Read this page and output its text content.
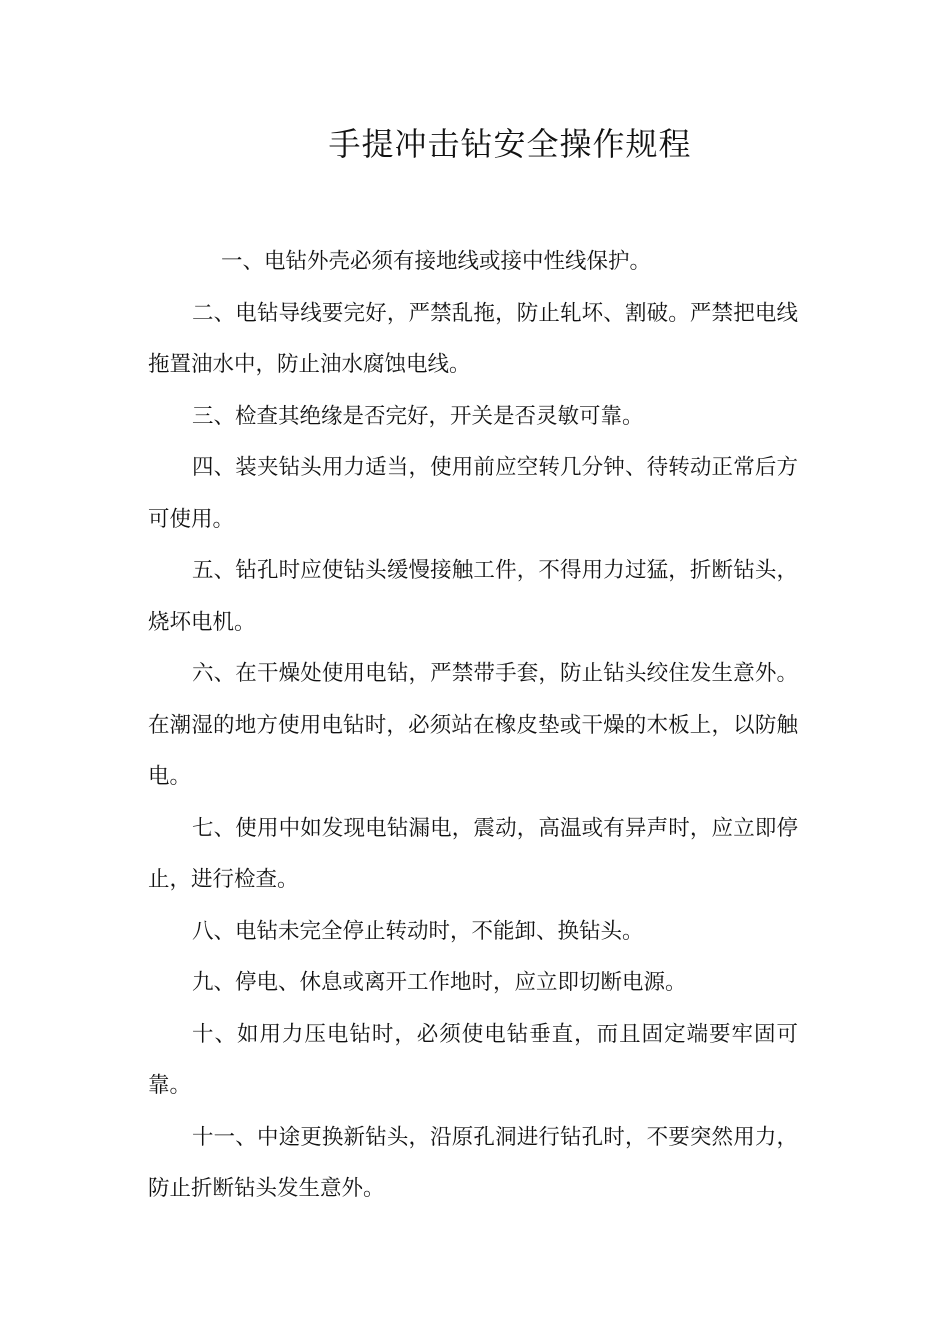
手提冲击钻安全操作规程

一、电钻外壳必须有接地线或接中性线保护。

二、电钻导线要完好，严禁乱拖，防止轧坏、割破。严禁把电线拖置油水中，防止油水腐蚀电线。

三、检查其绝缘是否完好，开关是否灵敏可靠。

四、装夹钻头用力适当，使用前应空转几分钟、待转动正常后方可使用。

五、钻孔时应使钻头缓慢接触工件，不得用力过猛，折断钻头，烧坏电机。

六、在干燥处使用电钻，严禁带手套，防止钻头绞住发生意外。在潮湿的地方使用电钻时，必须站在橡皮垫或干燥的木板上，以防触电。

七、使用中如发现电钻漏电，震动，高温或有异声时，应立即停止，进行检查。

八、电钻未完全停止转动时，不能卸、换钻头。

九、停电、休息或离开工作地时，应立即切断电源。

十、如用力压电钻时，必须使电钻垂直，而且固定端要牢固可靠。

十一、中途更换新钻头，沿原孔洞进行钻孔时，不要突然用力，防止折断钻头发生意外。
